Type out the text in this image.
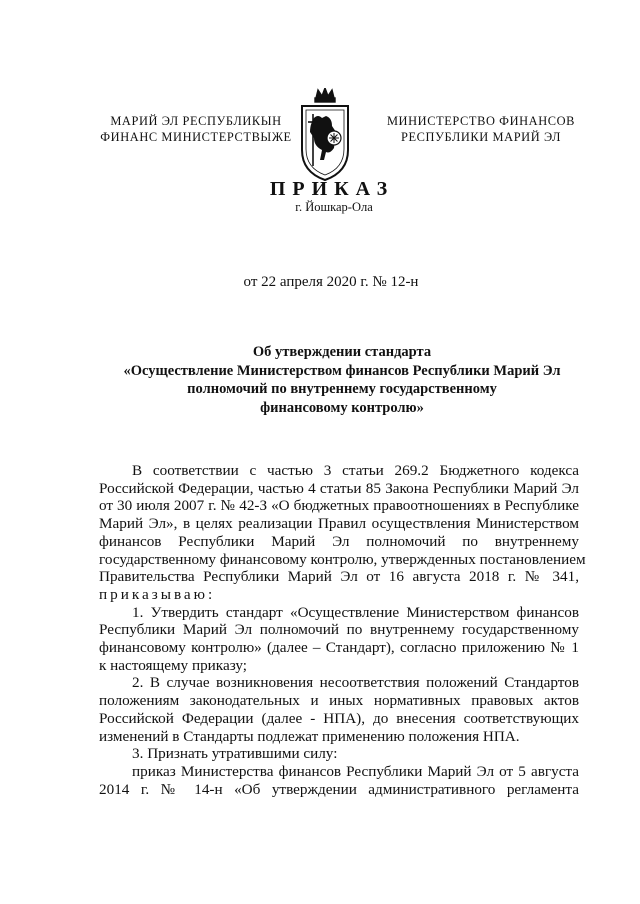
МАРИЙ ЭЛ РЕСПУБЛИКЫН
ФИНАНС МИНИСТЕРСТВЫЖЕ
МИНИСТЕРСТВО ФИНАНСОВ
РЕСПУБЛИКИ МАРИЙ ЭЛ
ПРИКАЗ
г. Йошкар-Ола
от 22 апреля 2020 г. № 12-н
Об утверждении стандарта
«Осуществление Министерством финансов Республики Марий Эл
полномочий по внутреннему государственному
финансовому контролю»
В соответствии с частью 3 статьи 269.2 Бюджетного кодекса
Российской Федерации, частью 4 статьи 85 Закона Республики Марий Эл
от 30 июля 2007 г. № 42-З «О бюджетных правоотношениях в Республике
Марий Эл», в целях реализации Правил осуществления Министерством
финансов Республики Марий Эл полномочий по внутреннему
государственному финансовому контролю, утвержденных постановлением
Правительства Республики Марий Эл от 16 августа 2018 г. № 341,
приказываю:
1. Утвердить стандарт «Осуществление Министерством финансов
Республики Марий Эл полномочий по внутреннему государственному
финансовому контролю» (далее – Стандарт), согласно приложению № 1
к настоящему приказу;
2. В случае возникновения несоответствия положений Стандартов
положениям законодательных и иных нормативных правовых актов
Российской Федерации (далее - НПА), до внесения соответствующих
изменений в Стандарты подлежат применению положения НПА.
3. Признать утратившими силу:
приказ Министерства финансов Республики Марий Эл от 5 августа
2014 г. № 14-н «Об утверждении административного регламента
